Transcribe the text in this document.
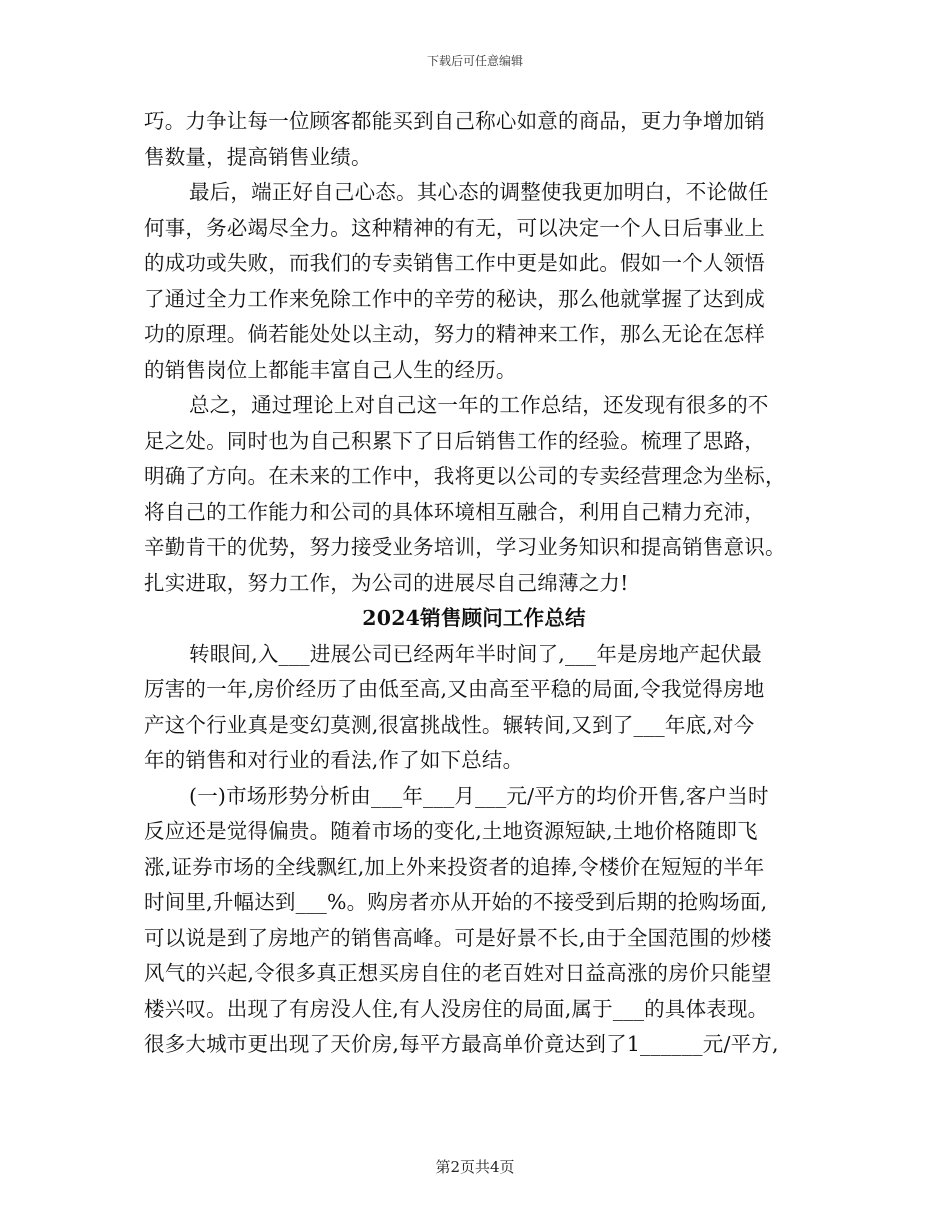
下载后可任意编辑
巧。力争让每一位顾客都能买到自己称心如意的商品，更力争增加销
售数量，提高销售业绩。
最后，端正好自己心态。其心态的调整使我更加明白，不论做任
何事，务必竭尽全力。这种精神的有无，可以决定一个人日后事业上
的成功或失败，而我们的专卖销售工作中更是如此。假如一个人领悟
了通过全力工作来免除工作中的辛劳的秘诀，那么他就掌握了达到成
功的原理。倘若能处处以主动，努力的精神来工作，那么无论在怎样
的销售岗位上都能丰富自己人生的经历。
总之，通过理论上对自己这一年的工作总结，还发现有很多的不
足之处。同时也为自己积累下了日后销售工作的经验。梳理了思路，
明确了方向。在未来的工作中，我将更以公司的专卖经营理念为坐标，
将自己的工作能力和公司的具体环境相互融合，利用自己精力充沛，
辛勤肯干的优势，努力接受业务培训，学习业务知识和提高销售意识。
扎实进取，努力工作，为公司的进展尽自己绵薄之力!
2024销售顾问工作总结
转眼间,入___进展公司已经两年半时间了,___年是房地产起伏最
厉害的一年,房价经历了由低至高,又由高至平稳的局面,令我觉得房地
产这个行业真是变幻莫测,很富挑战性。辗转间,又到了___年底,对今
年的销售和对行业的看法,作了如下总结。
(一)市场形势分析由___年___月___元/平方的均价开售,客户当时
反应还是觉得偏贵。随着市场的变化,土地资源短缺,土地价格随即飞
涨,证券市场的全线飘红,加上外来投资者的追捧,令楼价在短短的半年
时间里,升幅达到___%。购房者亦从开始的不接受到后期的抢购场面,
可以说是到了房地产的销售高峰。可是好景不长,由于全国范围的炒楼
风气的兴起,令很多真正想买房自住的老百姓对日益高涨的房价只能望
楼兴叹。出现了有房没人住,有人没房住的局面,属于___的具体表现。
很多大城市更出现了天价房,每平方最高单价竟达到了1______元/平方,
第2页共4页
